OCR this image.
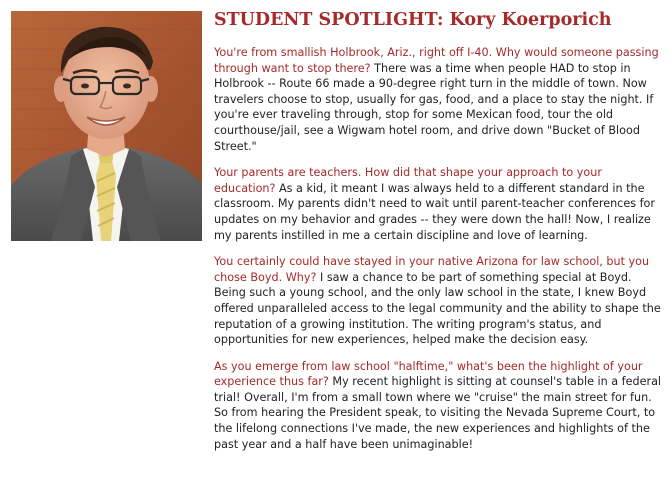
STUDENT SPOTLIGHT: Kory Koerporich

You're from smallish Holbrook, Ariz., right off I-40. Why would someone passing through want to stop there? There was a time when people HAD to stop in Holbrook -- Route 66 made a 90-degree right turn in the middle of town. Now travelers choose to stop, usually for gas, food, and a place to stay the night. If you're ever traveling through, stop for some Mexican food, tour the old courthouse/jail, see a Wigwam hotel room, and drive down "Bucket of Blood Street."

Your parents are teachers. How did that shape your approach to your education? As a kid, it meant I was always held to a different standard in the classroom. My parents didn't need to wait until parent-teacher conferences for updates on my behavior and grades -- they were down the hall! Now, I realize my parents instilled in me a certain discipline and love of learning.

You certainly could have stayed in your native Arizona for law school, but you chose Boyd. Why? I saw a chance to be part of something special at Boyd. Being such a young school, and the only law school in the state, I knew Boyd offered unparalleled access to the legal community and the ability to shape the reputation of a growing institution. The writing program's status, and opportunities for new experiences, helped make the decision easy.

As you emerge from law school "halftime," what's been the highlight of your experience thus far? My recent highlight is sitting at counsel's table in a federal trial! Overall, I'm from a small town where we "cruise" the main street for fun. So from hearing the President speak, to visiting the Nevada Supreme Court, to the lifelong connections I've made, the new experiences and highlights of the past year and a half have been unimaginable!
